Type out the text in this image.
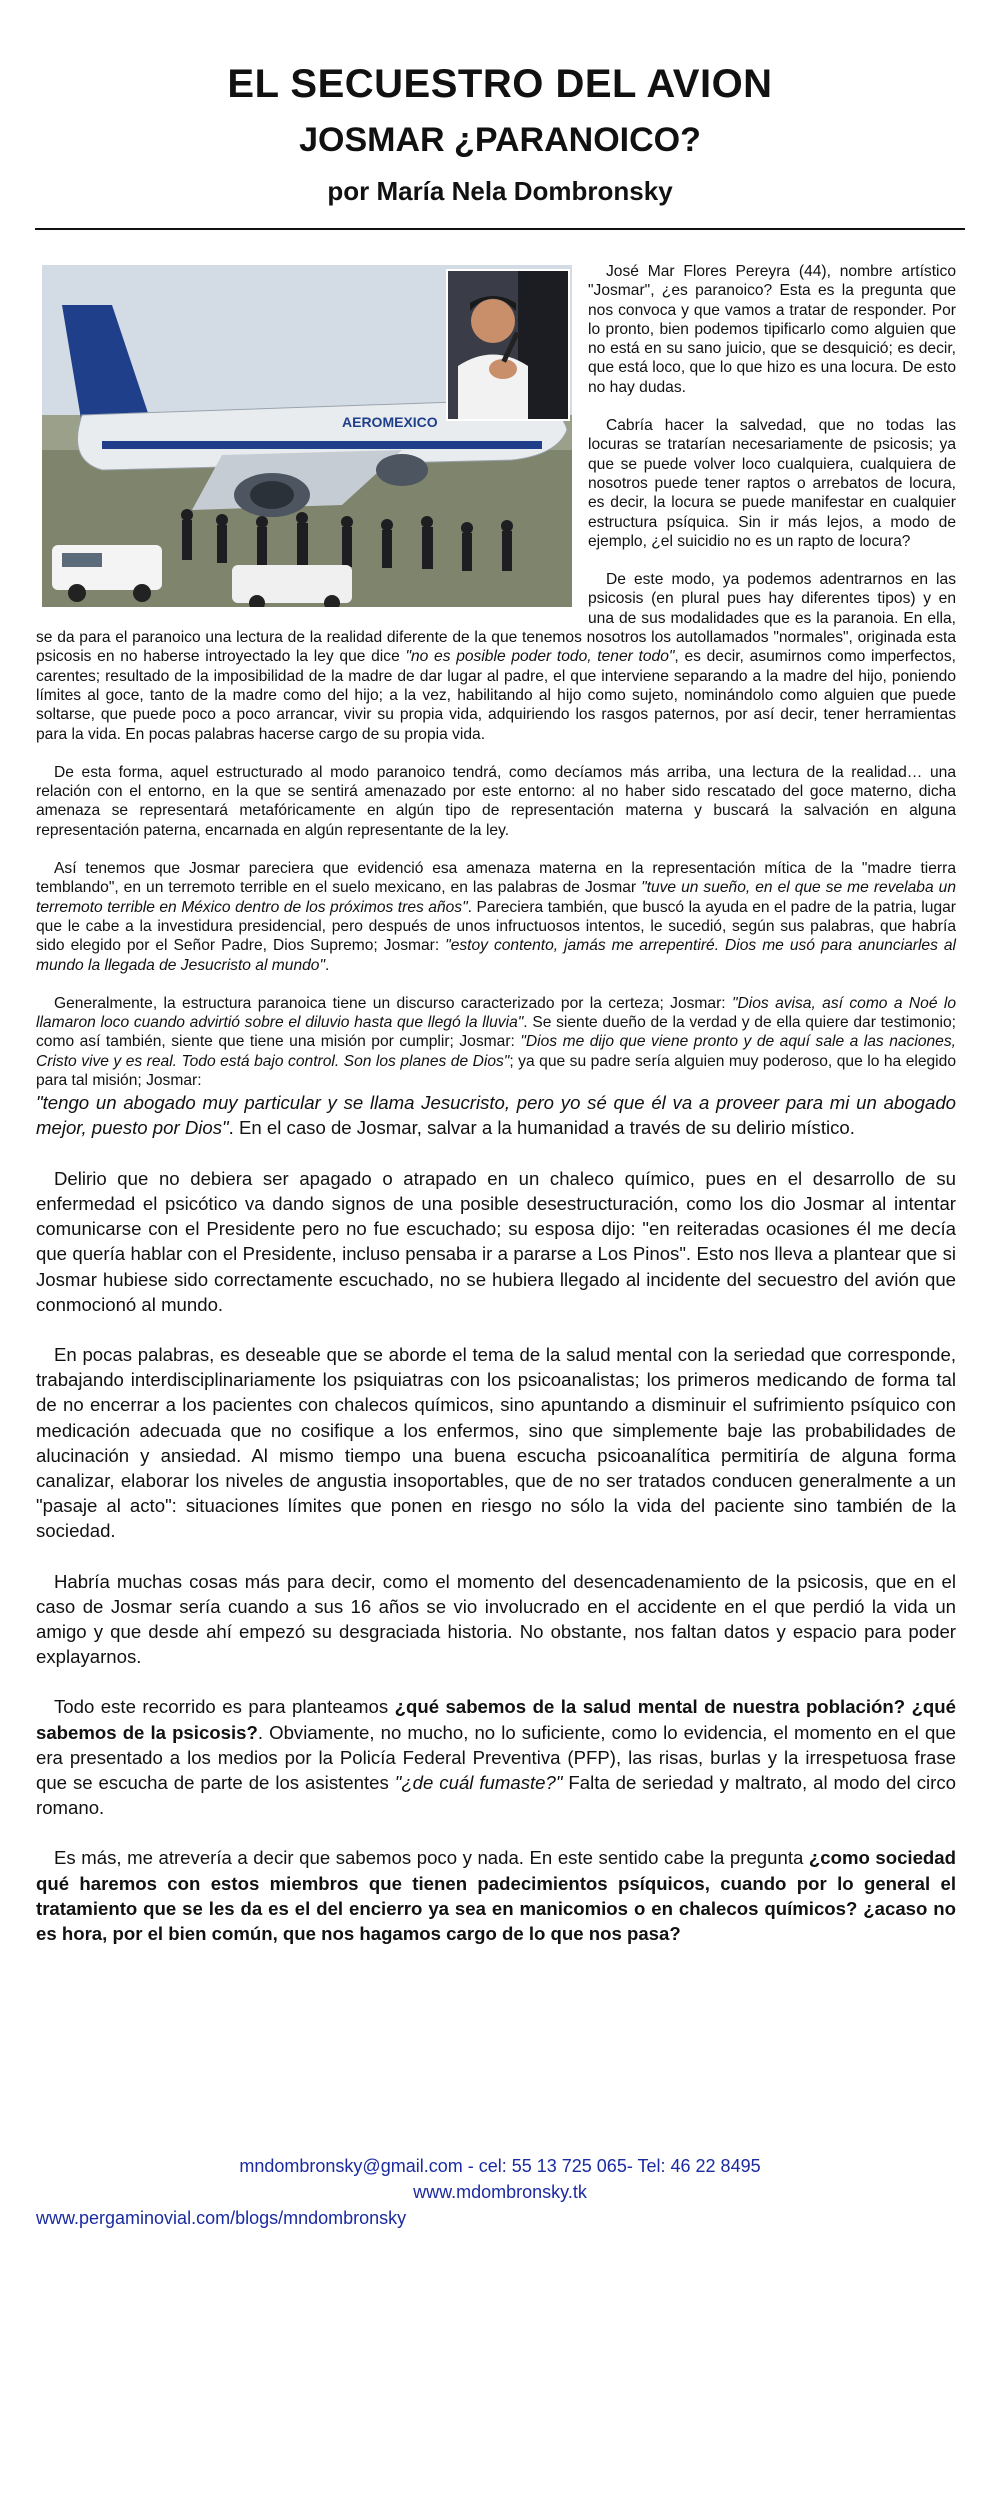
EL SECUESTRO DEL AVION
JOSMAR ¿PARANOICO?
por María Nela Dombronsky
AEROMEXICO

José Mar Flores Pereyra (44), nombre artístico "Josmar", ¿es paranoico? Esta es la pregunta que nos convoca y que vamos a tratar de responder. Por lo pronto, bien podemos tipificarlo como alguien que no está en su sano juicio, que se desquició; es decir, que está loco, que lo que hizo es una locura. De esto no hay dudas.

Cabría hacer la salvedad, que no todas las locuras se tratarían necesariamente de psicosis; ya que se puede volver loco cualquiera, cualquiera de nosotros puede tener raptos o arrebatos de locura, es decir, la locura se puede manifestar en cualquier estructura psíquica. Sin ir más lejos, a modo de ejemplo, ¿el suicidio no es un rapto de locura?

De este modo, ya podemos adentrarnos en las psicosis (en plural pues hay diferentes tipos) y en una de sus modalidades que es la paranoia. En ella, se da para el paranoico una lectura de la realidad diferente de la que tenemos nosotros los autollamados "normales", originada esta psicosis en no haberse introyectado la ley que dice "no es posible poder todo, tener todo", es decir, asumirnos como imperfectos, carentes; resultado de la imposibilidad de la madre de dar lugar al padre, el que interviene separando a la madre del hijo, poniendo límites al goce, tanto de la madre como del hijo; a la vez, habilitando al hijo como sujeto, nominándolo como alguien que puede soltarse, que puede poco a poco arrancar, vivir su propia vida, adquiriendo los rasgos paternos, por así decir, tener herramientas para la vida. En pocas palabras hacerse cargo de su propia vida.

De esta forma, aquel estructurado al modo paranoico tendrá, como decíamos más arriba, una lectura de la realidad… una relación con el entorno, en la que se sentirá amenazado por este entorno: al no haber sido rescatado del goce materno, dicha amenaza se representará metafóricamente en algún tipo de representación materna y buscará la salvación en alguna representación paterna, encarnada en algún representante de la ley.

Así tenemos que Josmar pareciera que evidenció esa amenaza materna en la representación mítica de la "madre tierra temblando", en un terremoto terrible en el suelo mexicano, en las palabras de Josmar "tuve un sueño, en el que se me revelaba un terremoto terrible en México dentro de los próximos tres años". Pareciera también, que buscó la ayuda en el padre de la patria, lugar que le cabe a la investidura presidencial, pero después de unos infructuosos intentos, le sucedió, según sus palabras, que habría sido elegido por el Señor Padre, Dios Supremo; Josmar: "estoy contento, jamás me arrepentiré. Dios me usó para anunciarles al mundo la llegada de Jesucristo al mundo".

Generalmente, la estructura paranoica tiene un discurso caracterizado por la certeza; Josmar: "Dios avisa, así como a Noé lo llamaron loco cuando advirtió sobre el diluvio hasta que llegó la lluvia". Se siente dueño de la verdad y de ella quiere dar testimonio; como así también, siente que tiene una misión por cumplir; Josmar: "Dios me dijo que viene pronto y de aquí sale a las naciones, Cristo vive y es real. Todo está bajo control. Son los planes de Dios"; ya que su padre sería alguien muy poderoso, que lo ha elegido para tal misión; Josmar:

"tengo un abogado muy particular y se llama Jesucristo, pero yo sé que él va a proveer para mi un abogado mejor, puesto por Dios". En el caso de Josmar, salvar a la humanidad a través de su delirio místico.

Delirio que no debiera ser apagado o atrapado en un chaleco químico, pues en el desarrollo de su enfermedad el psicótico va dando signos de una posible desestructuración, como los dio Josmar al intentar comunicarse con el Presidente pero no fue escuchado; su esposa dijo: "en reiteradas ocasiones él me decía que quería hablar con el Presidente, incluso pensaba ir a pararse a Los Pinos". Esto nos lleva a plantear que si Josmar hubiese sido correctamente escuchado, no se hubiera llegado al incidente del secuestro del avión que conmocionó al mundo.

En pocas palabras, es deseable que se aborde el tema de la salud mental con la seriedad que corresponde, trabajando interdisciplinariamente los psiquiatras con los psicoanalistas; los primeros medicando de forma tal de no encerrar a los pacientes con chalecos químicos, sino apuntando a disminuir el sufrimiento psíquico con medicación adecuada que no cosifique a los enfermos, sino que simplemente baje las probabilidades de alucinación y ansiedad. Al mismo tiempo una buena escucha psicoanalítica permitiría de alguna forma canalizar, elaborar los niveles de angustia insoportables, que de no ser tratados conducen generalmente a un "pasaje al acto": situaciones límites que ponen en riesgo no sólo la vida del paciente sino también de la sociedad.

Habría muchas cosas más para decir, como el momento del desencadenamiento de la psicosis, que en el caso de Josmar sería cuando a sus 16 años se vio involucrado en el accidente en el que perdió la vida un amigo y que desde ahí empezó su desgraciada historia. No obstante, nos faltan datos y espacio para poder explayarnos.

Todo este recorrido es para planteamos ¿qué sabemos de la salud mental de nuestra población? ¿qué sabemos de la psicosis?. Obviamente, no mucho, no lo suficiente, como lo evidencia, el momento en el que era presentado a los medios por la Policía Federal Preventiva (PFP), las risas, burlas y la irrespetuosa frase que se escucha de parte de los asistentes "¿de cuál fumaste?" Falta de seriedad y maltrato, al modo del circo romano.

Es más, me atrevería a decir que sabemos poco y nada. En este sentido cabe la pregunta ¿como sociedad qué haremos con estos miembros que tienen padecimientos psíquicos, cuando por lo general el tratamiento que se les da es el del encierro ya sea en manicomios o en chalecos químicos? ¿acaso no es hora, por el bien común, que nos hagamos cargo de lo que nos pasa?

mndombronsky@gmail.com - cel: 55 13 725 065- Tel: 46 22 8495
www.mdombronsky.tk
www.pergaminovial.com/blogs/mndombronsky
